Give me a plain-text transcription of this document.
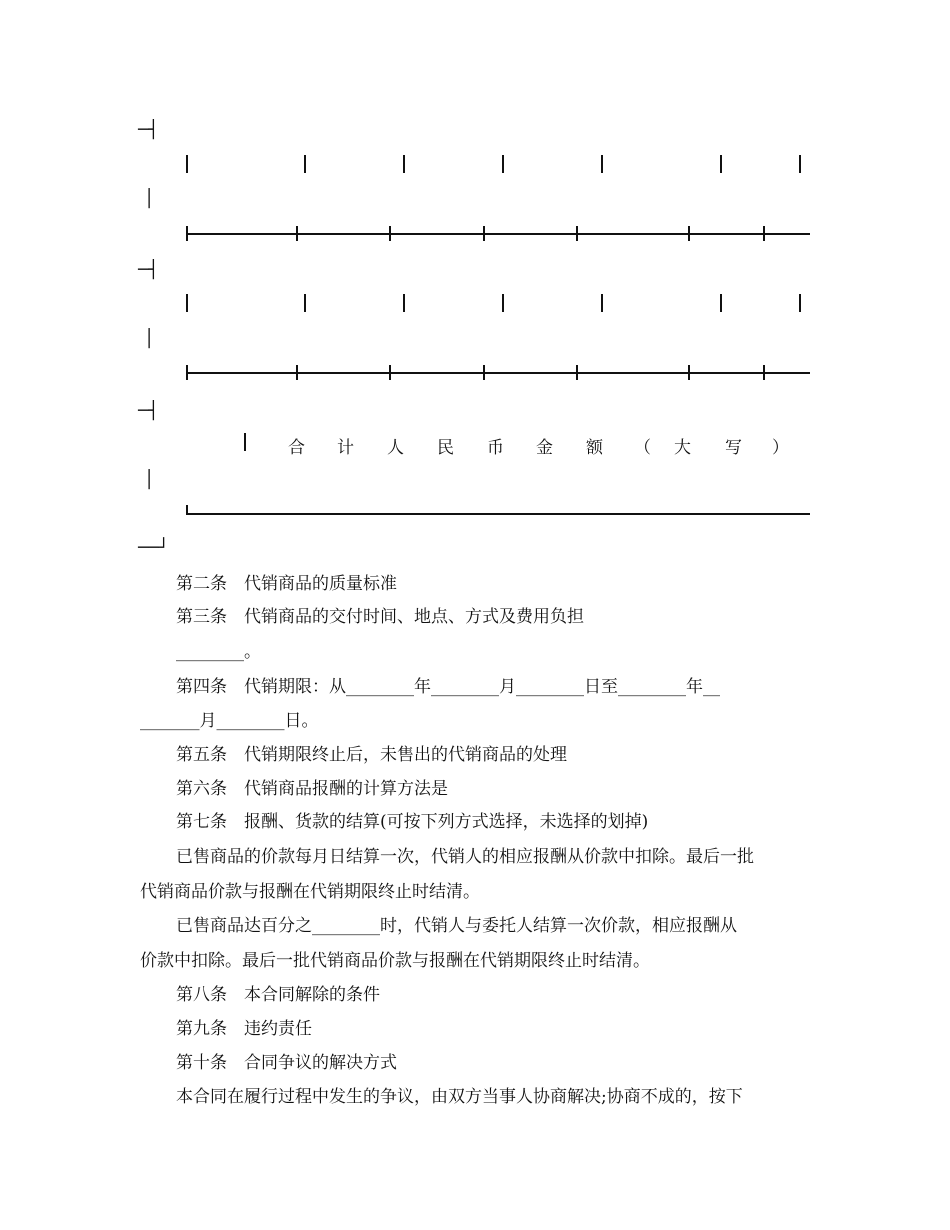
─┤
│
─┤
│
─┤
│
──┘
合 计 人 民 币 金 额 （ 大 写 ）
第二条　代销商品的质量标准
第三条　代销商品的交付时间、地点、方式及费用负担
________。
第四条　代销期限：从________年________月________日至________年__
_______月________日。
第五条　代销期限终止后，未售出的代销商品的处理
第六条　代销商品报酬的计算方法是
第七条　报酬、货款的结算(可按下列方式选择，未选择的划掉)
已售商品的价款每月日结算一次，代销人的相应报酬从价款中扣除。最后一批
代销商品价款与报酬在代销期限终止时结清。
已售商品达百分之________时，代销人与委托人结算一次价款，相应报酬从
价款中扣除。最后一批代销商品价款与报酬在代销期限终止时结清。
第八条　本合同解除的条件
第九条　违约责任
第十条　合同争议的解决方式
本合同在履行过程中发生的争议，由双方当事人协商解决;协商不成的，按下
